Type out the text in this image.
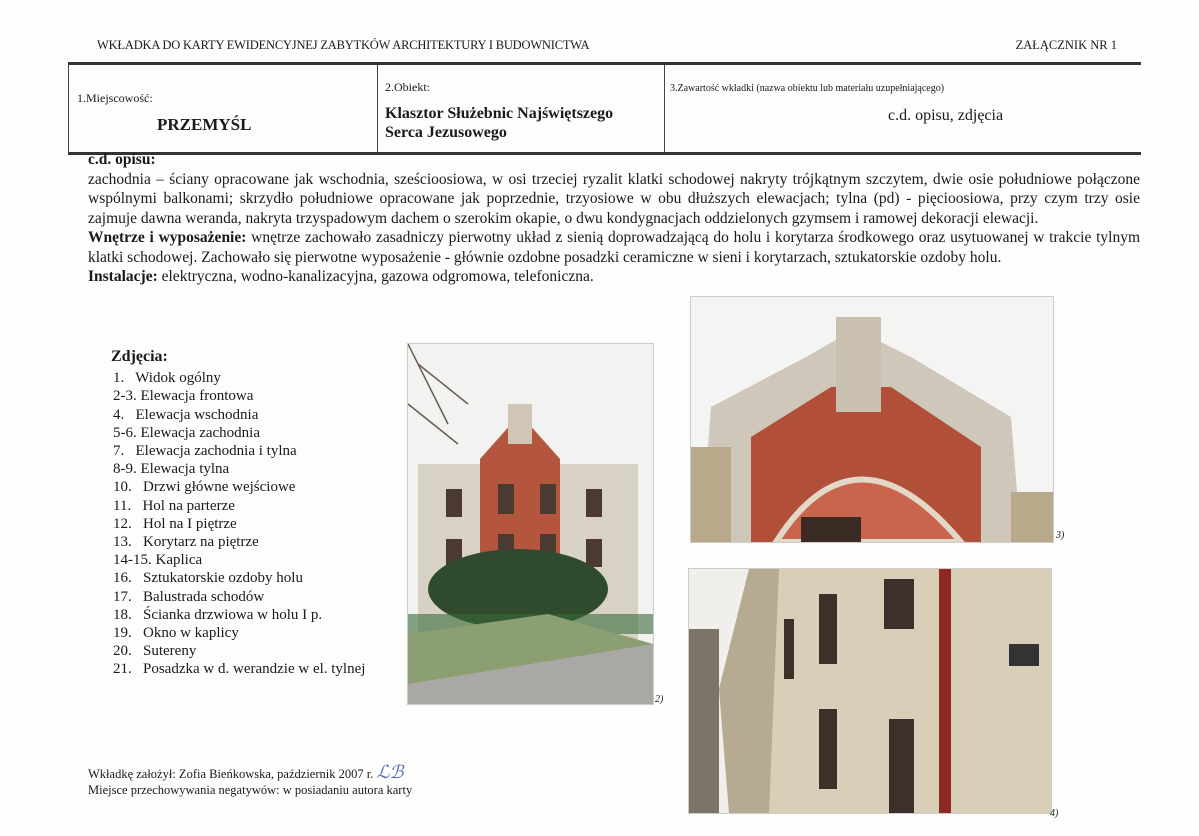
WKŁADKA DO KARTY EWIDENCYJNEJ ZABYTKÓW ARCHITEKTURY I BUDOWNICTWA	ZAŁĄCZNIK NR 1
1.Miejscowość:
PRZEMYŚL
2.Obiekt:
Klasztor Służebnic Najświętszego
Serca Jezusowego
3.Zawartość wkładki (nazwa obiektu lub materiału uzupełniającego)
c.d. opisu, zdjęcia

c.d. opisu:

zachodnia – ściany opracowane jak wschodnia, sześcioosiowa, w osi trzeciej ryzalit klatki schodowej nakryty trójkątnym szczytem, dwie osie południowe połączone wspólnymi balkonami; skrzydło południowe opracowane jak poprzednie, trzyosiowe w obu dłuższych elewacjach; tylna (pd) - pięcioosiowa, przy czym trzy osie zajmuje dawna weranda, nakryta trzyspadowym dachem o szerokim okapie, o dwu kondygnacjach oddzielonych gzymsem i ramowej dekoracji elewacji.

Wnętrze i wyposażenie: wnętrze zachowało zasadniczy pierwotny układ z sienią doprowadzającą do holu i korytarza środkowego oraz usytuowanej w trakcie tylnym klatki schodowej. Zachowało się pierwotne wyposażenie - głównie ozdobne posadzki ceramiczne w sieni i korytarzach, sztukatorskie ozdoby holu.

Instalacje: elektryczna, wodno-kanalizacyjna, gazowa odgromowa, telefoniczna.

Zdjęcia:
1.   Widok ogólny
2-3. Elewacja frontowa
4.   Elewacja wschodnia
5-6. Elewacja zachodnia
7.   Elewacja zachodnia i tylna
8-9. Elewacja tylna
10.   Drzwi główne wejściowe
11.   Hol na parterze
12.   Hol na I piętrze
13.   Korytarz na piętrze
14-15. Kaplica
16.   Sztukatorskie ozdoby holu
17.   Balustrada schodów
18.   Ścianka drzwiowa w holu I p.
19.   Okno w kaplicy
20.   Sutereny
21.   Posadzka w d. werandzie w el. tylnej
2)
3)
4)
Wkładkę założył: Zofia Bieńkowska, październik 2007 r. ℒℬ
Miejsce przechowywania negatywów: w posiadaniu autora karty
